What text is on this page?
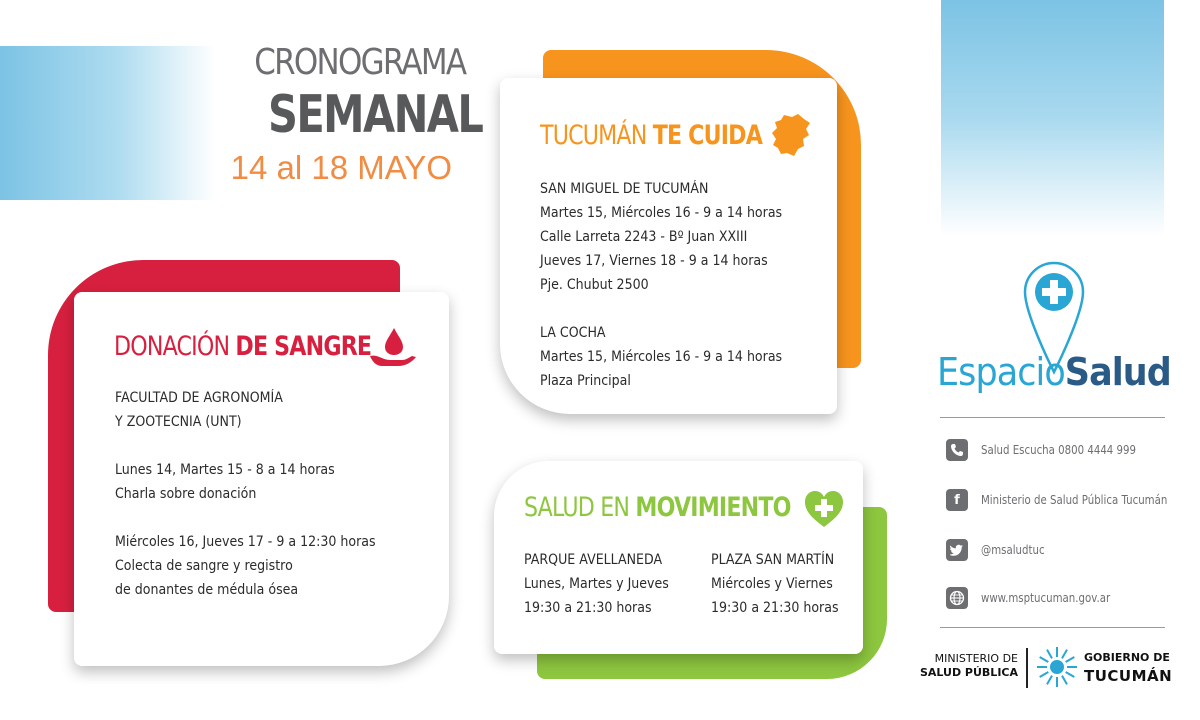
CRONOGRAMA
SEMANAL
14 al 18 MAYO
TUCUMÁN TE CUIDA
SAN MIGUEL DE TUCUMÁN
Martes 15, Miércoles 16 - 9 a 14 horas
Calle Larreta 2243 - Bº Juan XXIII
Jueves 17, Viernes 18 - 9 a 14 horas
Pje. Chubut 2500
LA COCHA
Martes 15, Miércoles 16 - 9 a 14 horas
Plaza Principal
DONACIÓN DE SANGRE
FACULTAD DE AGRONOMÍA
Y ZOOTECNIA (UNT)
Lunes 14, Martes 15 - 8 a 14 horas
Charla sobre donación
Miércoles 16, Jueves 17 - 9 a 12:30 horas
Colecta de sangre y registro
de donantes de médula ósea
SALUD EN MOVIMIENTO
PARQUE AVELLANEDA
Lunes, Martes y Jueves
19:30 a 21:30 horas
PLAZA SAN MARTÍN
Miércoles y Viernes
19:30 a 21:30 horas
EspacioSalud
Salud Escucha 0800 4444 999
f	Ministerio de Salud Pública Tucumán
@msaludtuc
www.msptucuman.gov.ar
MINISTERIO DE
SALUD PÚBLICA
GOBIERNO DE
TUCUMÁN
